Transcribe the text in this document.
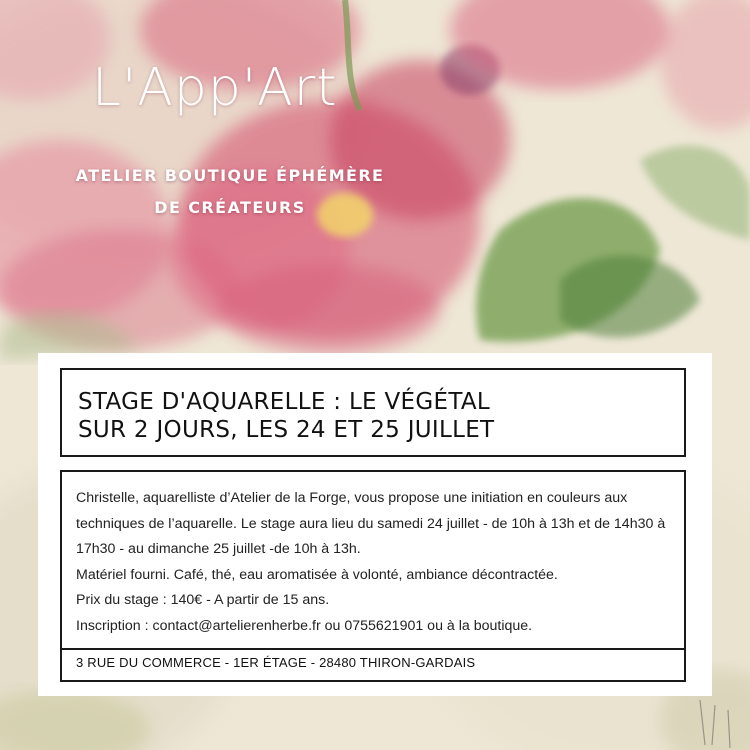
L'App'Art
ATELIER BOUTIQUE ÉPHÉMÈRE
DE CRÉATEURS
STAGE D'AQUARELLE : LE VÉGÉTAL
SUR 2 JOURS, LES 24 ET 25 JUILLET

Christelle, aquarelliste d’Atelier de la Forge, vous propose une initiation en couleurs aux techniques de l’aquarelle. Le stage aura lieu du samedi 24 juillet - de 10h à 13h et de 14h30 à 17h30 - au dimanche 25 juillet -de 10h à 13h.

Matériel fourni. Café, thé, eau aromatisée à volonté, ambiance décontractée.

Prix du stage : 140€ - A partir de 15 ans.

Inscription : contact@artelierenherbe.fr ou 0755621901 ou à la boutique.

3 RUE DU COMMERCE - 1ER ÉTAGE - 28480 THIRON-GARDAIS
